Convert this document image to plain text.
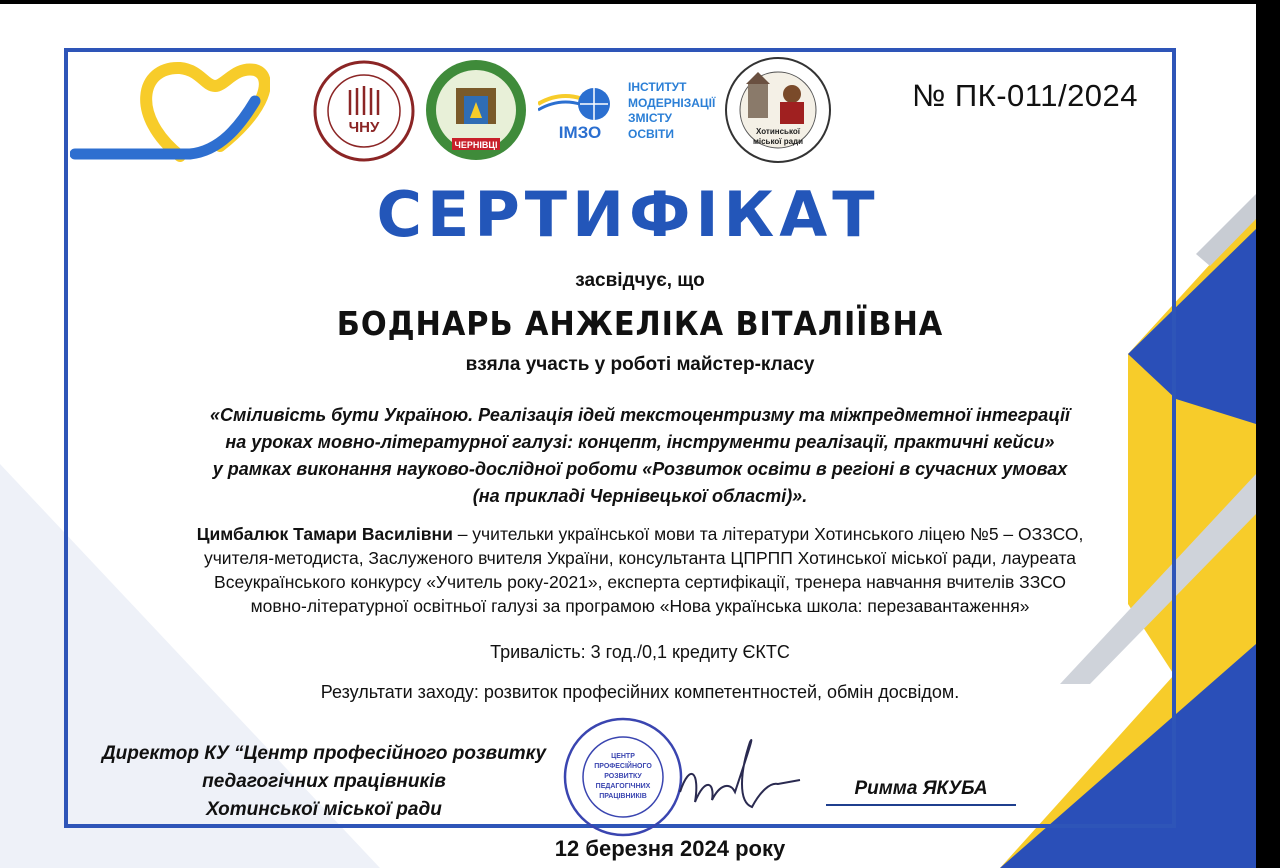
ЧНУ
ЧЕРНІВЦІ
ІМЗО
ІНСТИТУТ
МОДЕРНІЗАЦІЇ
ЗМІСТУ
ОСВІТИ	Хотинської
міської ради
№ ПК-011/2024
СЕРТИФІКАТ
засвідчує, що
БОДНАРЬ АНЖЕЛІКА ВІТАЛІЇВНА
взяла участь у роботі майстер-класу
«Сміливість бути Україною. Реалізація ідей текстоцентризму та міжпредметної інтеграції
на уроках мовно-літературної галузі: концепт, інструменти реалізації, практичні кейси»
у рамках виконання науково-дослідної роботи «Розвиток освіти в регіоні в сучасних умовах
(на прикладі Чернівецької області)».
Цимбалюк Тамари Василівни – учительки української мови та літератури Хотинського ліцею №5 – ОЗЗСО,
учителя-методиста, Заслуженого вчителя України, консультанта ЦПРПП Хотинської міської ради, лауреата
Всеукраїнського конкурсу «Учитель року-2021», експерта сертифікації, тренера навчання вчителів ЗЗСО
мовно-літературної освітньої галузі за програмою «Нова українська школа: перезавантаження»
Тривалість: 3 год./0,1 кредиту ЄКТС
Результати заходу: розвиток професійних компетентностей, обмін досвідом.
Директор КУ “Центр професійного розвитку
педагогічних працівників
Хотинської міської ради
ЦЕНТР
ПРОФЕСІЙНОГО
РОЗВИТКУ
ПЕДАГОГІЧНИХ
ПРАЦІВНИКІВ	Римма ЯКУБА
12 березня 2024 року
